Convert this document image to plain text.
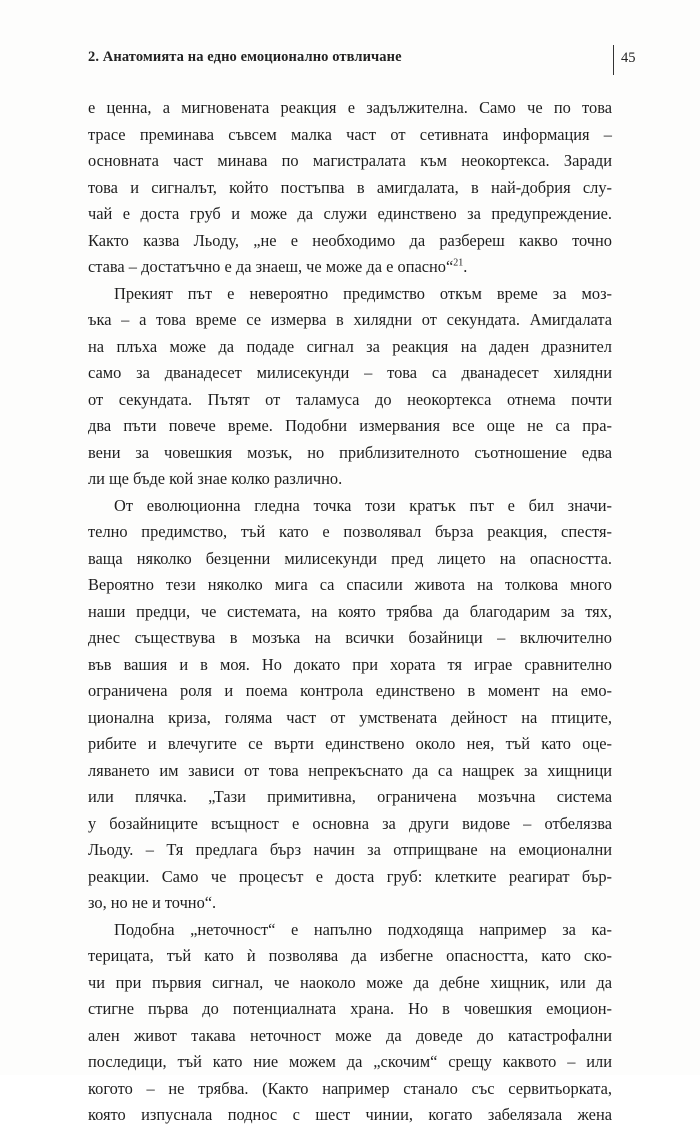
2. Анатомията на едно емоционално отвличане	45
е ценна, а мигновената реакция е задължителна. Само че по това
трасе преминава съвсем малка част от сетивната информация –
основната част минава по магистралата към неокортекса. Заради
това и сигналът, който постъпва в амигдалата, в най-добрия слу-
чай е доста груб и може да служи единствено за предупреждение.
Както казва Льоду, „не е необходимо да разбереш какво точно
става – достатъчно е да знаеш, че може да е опасно“$^{21}$.
Прекият път е невероятно предимство откъм време за моз-
ъка – а това време се измерва в хилядни от секундата. Амигдалата
на плъха може да подаде сигнал за реакция на даден дразнител
само за дванадесет милисекунди – това са дванадесет хилядни
от секундата. Пътят от таламуса до неокортекса отнема почти
два пъти повече време. Подобни измервания все още не са пра-
вени за човешкия мозък, но приблизителното съотношение едва
ли ще бъде кой знае колко различно.
От еволюционна гледна точка този кратък път е бил значи-
телно предимство, тъй като е позволявал бърза реакция, спестя-
ваща няколко безценни милисекунди пред лицето на опасността.
Вероятно тези няколко мига са спасили живота на толкова много
наши предци, че системата, на която трябва да благодарим за тях,
днес съществува в мозъка на всички бозайници – включително
във вашия и в моя. Но докато при хората тя играе сравнително
ограничена роля и поема контрола единствено в момент на емо-
ционална криза, голяма част от умствената дейност на птиците,
рибите и влечугите се върти единствено около нея, тъй като оце-
ляването им зависи от това непрекъснато да са нащрек за хищници
или плячка. „Тази примитивна, ограничена мозъчна система
у бозайниците всъщност е основна за други видове – отбелязва
Льоду. – Тя предлага бърз начин за отприщване на емоционални
реакции. Само че процесът е доста груб: клетките реагират бър-
зо, но не и точно“.
Подобна „неточност“ е напълно подходяща например за ка-
терицата, тъй като ѝ позволява да избегне опасността, като ско-
чи при първия сигнал, че наоколо може да дебне хищник, или да
стигне първа до потенциалната храна. Но в човешкия емоцион-
ален живот такава неточност може да доведе до катастрофални
последици, тъй като ние можем да „скочим“ срещу каквото – или
когото – не трябва. (Както например станало със сервитьорката,
която изпуснала поднос с шест чинии, когато забелязала жена
